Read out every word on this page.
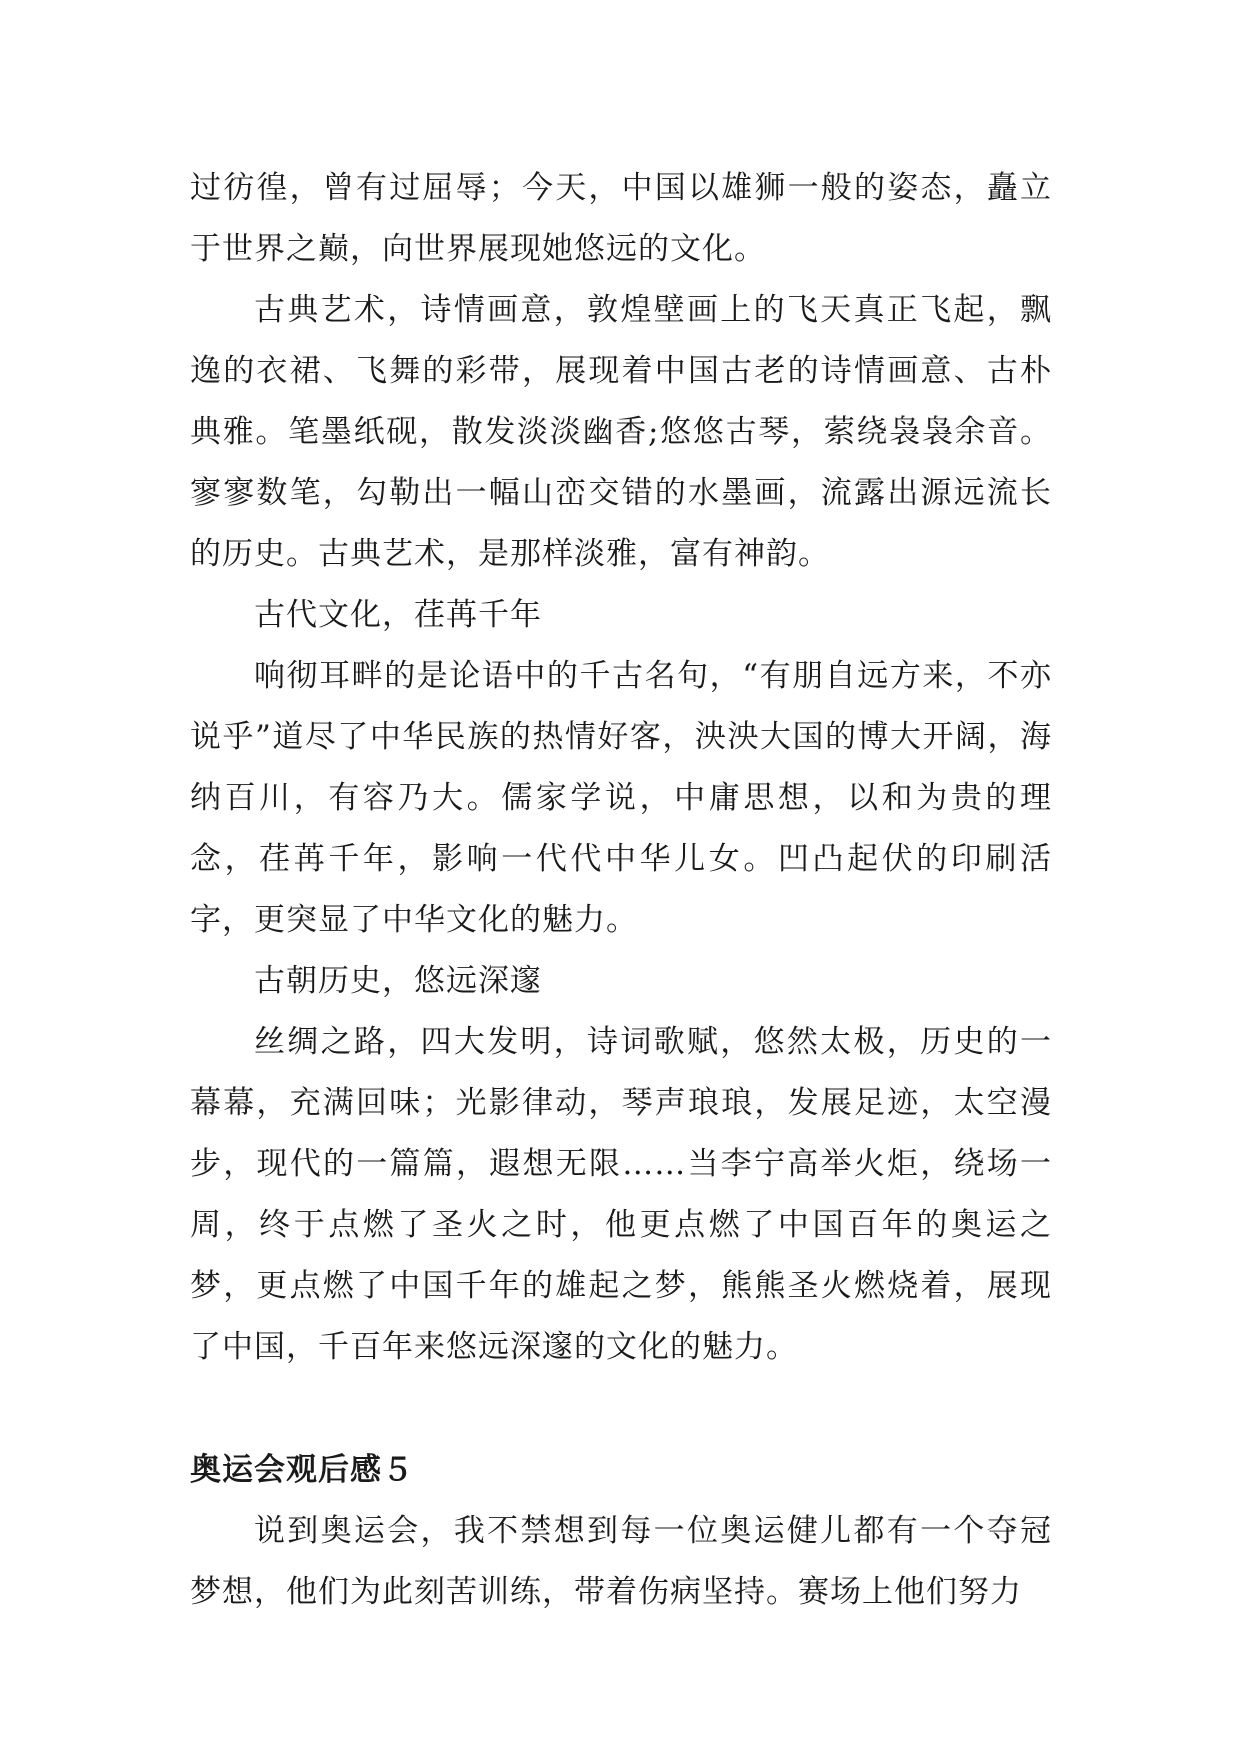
过彷徨，曾有过屈辱；今天，中国以雄狮一般的姿态，矗立于世界之巅，向世界展现她悠远的文化。

古典艺术，诗情画意，敦煌壁画上的飞天真正飞起，飘逸的衣裙、飞舞的彩带，展现着中国古老的诗情画意、古朴典雅。笔墨纸砚，散发淡淡幽香;悠悠古琴，萦绕袅袅余音。寥寥数笔，勾勒出一幅山峦交错的水墨画，流露出源远流长的历史。古典艺术，是那样淡雅，富有神韵。

古代文化，荏苒千年

响彻耳畔的是论语中的千古名句，“有朋自远方来，不亦说乎”道尽了中华民族的热情好客，泱泱大国的博大开阔，海纳百川，有容乃大。儒家学说，中庸思想，以和为贵的理念，荏苒千年，影响一代代中华儿女。凹凸起伏的印刷活字，更突显了中华文化的魅力。

古朝历史，悠远深邃

丝绸之路，四大发明，诗词歌赋，悠然太极，历史的一幕幕，充满回味；光影律动，琴声琅琅，发展足迹，太空漫步，现代的一篇篇，遐想无限……当李宁高举火炬，绕场一周，终于点燃了圣火之时，他更点燃了中国百年的奥运之梦，更点燃了中国千年的雄起之梦，熊熊圣火燃烧着，展现了中国，千百年来悠远深邃的文化的魅力。

奥运会观后感５

说到奥运会，我不禁想到每一位奥运健儿都有一个夺冠梦想，他们为此刻苦训练，带着伤病坚持。赛场上他们努力
